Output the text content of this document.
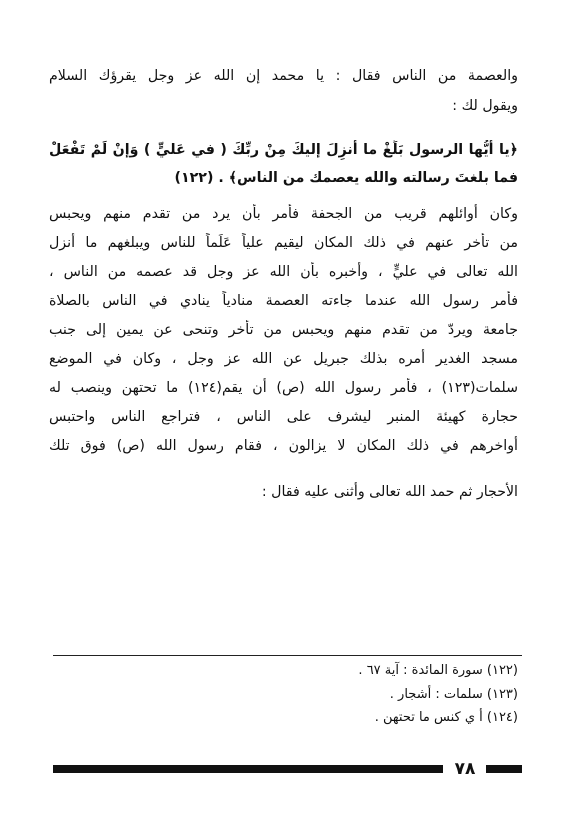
والعصمة من الناس فقال : يا محمد إن الله عز وجل يقرؤك السلام
ويقول لك :
﴿يا أيُّها الرسول بَلِّغْ ما أُنزِلَ إليكَ مِنْ ربِّكَ ( في عَليٍّ ) وَإنْ لَمْ تَفْعَلْ
فما بلغتَ رسالته والله يعصمك من الناس﴾ . (١٢٢)
وكان أوائلهم قريب من الجحفة فأمر بأن يرد من تقدم منهم ويحبس
من تأخر عنهم في ذلك المكان ليقيم علياً عَلَماً للناس ويبلغهم ما أنزل
الله تعالى في عليٍّ ، وأخبره بأن الله عز وجل قد عصمه من الناس ،
فأمر رسول الله عندما جاءته العصمة منادياً ينادي في الناس بالصلاة
جامعة ويردّ من تقدم منهم ويحبس من تأخر وتنحى عن يمين إلى جنب
مسجد الغدير أمره بذلك جبريل عن الله عز وجل ، وكان في الموضع
سلمات(١٢٣) ، فأمر رسول الله (ص) أن يقم(١٢٤) ما تحتهن وينصب له
حجارة كهيئة المنبر ليشرف على الناس ، فتراجع الناس واحتبس
أواخرهم في ذلك المكان لا يزالون ، فقام رسول الله (ص) فوق تلك
الأحجار ثم حمد الله تعالى وأثنى عليه فقال :
(١٢٢) سورة المائدة : آية ٦٧ .
(١٢٣) سلمات : أشجار .
(١٢٤) أ ي كنس ما تحتهن .
٧٨
